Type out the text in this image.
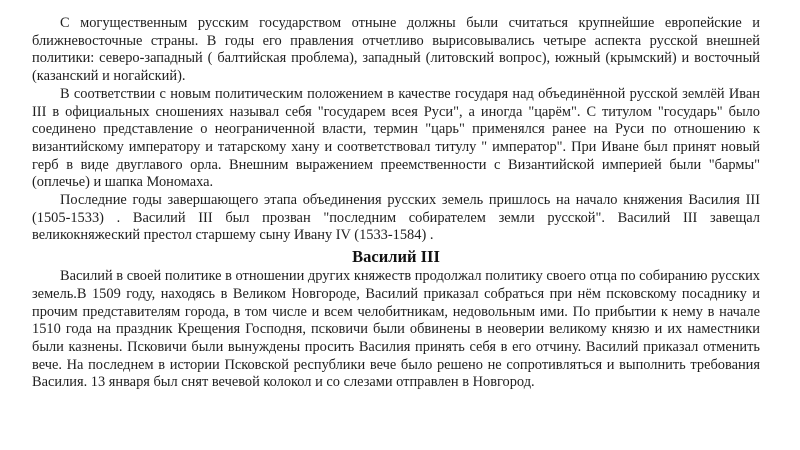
С могущественным русским государством отныне должны были считаться крупнейшие европейские и ближневосточные страны. В годы его правления отчетливо вырисовывались четыре аспекта русской внешней политики: северо-западный ( балтийская проблема), западный (литовский вопрос), южный (крымский) и восточный (казанский и ногайский).

В соответствии с новым политическим положением в качестве государя над объединённой русской землёй Иван III в официальных сношениях называл себя "государем всея Руси", а иногда "царём". С титулом "государь" было соединено представление о неограниченной власти, термин "царь" применялся ранее на Руси по отношению к византийскому императору и татарскому хану и соответствовал титулу " император". При Иване был принят новый герб в виде двуглавого орла. Внешним выражением преемственности с Византийской империей были "бармы" (оплечье) и шапка Мономаха.

Последние годы завершающего этапа объединения русских земель пришлось на начало княжения Василия III (1505-1533) . Василий III был прозван "последним собирателем земли русской". Василий III завещал великокняжеский престол старшему сыну Ивану IV (1533-1584) .

Василий III

Василий в своей политике в отношении других княжеств продолжал политику своего отца по собиранию русских земель.В 1509 году, находясь в Великом Новгороде, Василий приказал собраться при нём псковскому посаднику и прочим представителям города, в том числе и всем челобитникам, недовольным ими. По прибытии к нему в начале 1510 года на праздник Крещения Господня, псковичи были обвинены в неоверии великому князю и их наместники были казнены. Псковичи были вынуждены просить Василия принять себя в его отчину. Василий приказал отменить вече. На последнем в истории Псковской республики вече было решено не сопротивляться и выполнить требования Василия. 13 января был снят вечевой колокол и со слезами отправлен в Новгород.
